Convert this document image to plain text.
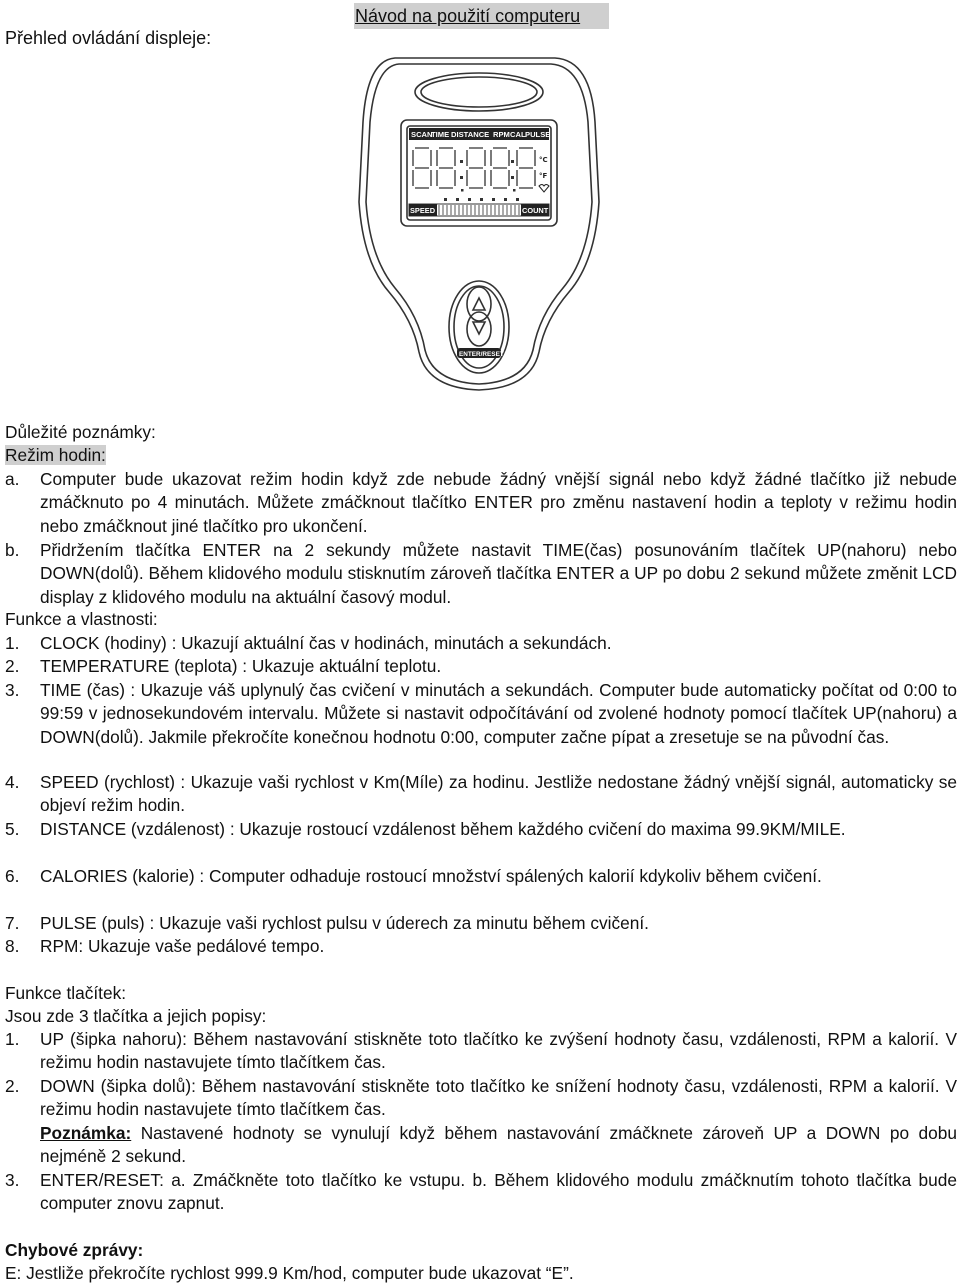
Návod na použití computeru
Přehled ovládání displeje:
SCAN
TIME DISTANCE RPM CAL PULSE
°C
°F
SPEED	COUNT
ENTER/RESET
Důležité poznámky:
Režim hodin:
a.	Computer bude ukazovat režim hodin když zde nebude žádný vnější signál nebo když žádné tlačítko již nebude zmáčknuto po 4 minutách. Můžete zmáčknout tlačítko ENTER pro změnu nastavení hodin a teploty v režimu hodin nebo zmáčknout jiné tlačítko pro ukončení.
b.	Přidržením tlačítka ENTER na 2 sekundy můžete nastavit TIME(čas) posunováním tlačítek UP(nahoru) nebo DOWN(dolů). Během klidového modulu stisknutím zároveň tlačítka ENTER a UP po dobu 2 sekund můžete změnit LCD display z klidového modulu na aktuální časový modul.
Funkce a vlastnosti:
1.	CLOCK (hodiny) : Ukazují aktuální čas v hodinách, minutách a sekundách.
2.	TEMPERATURE (teplota) : Ukazuje aktuální teplotu.
3.	TIME (čas) : Ukazuje váš uplynulý čas cvičení v minutách a sekundách. Computer bude automaticky počítat od 0:00 to 99:59 v jednosekundovém intervalu. Můžete si nastavit odpočítávání od zvolené hodnoty pomocí tlačítek UP(nahoru) a DOWN(dolů). Jakmile překročíte konečnou hodnotu 0:00, computer začne pípat a zresetuje se na původní čas.
4.	SPEED (rychlost) : Ukazuje vaši rychlost v Km(Míle) za hodinu. Jestliže nedostane žádný vnější signál, automaticky se objeví režim hodin.
5.	DISTANCE (vzdálenost) : Ukazuje rostoucí vzdálenost během každého cvičení do maxima 99.9KM/MILE.
6.	CALORIES (kalorie) : Computer odhaduje rostoucí množství spálených kalorií kdykoliv během cvičení.
7.	PULSE (puls) : Ukazuje vaši rychlost pulsu v úderech za minutu během cvičení.
8.	RPM: Ukazuje vaše pedálové tempo.
Funkce tlačítek:
Jsou zde 3 tlačítka a jejich popisy:
1.	UP (šipka nahoru): Během nastavování stiskněte toto tlačítko ke zvýšení hodnoty času, vzdálenosti, RPM a kalorií. V režimu hodin nastavujete tímto tlačítkem čas.
2.	DOWN (šipka dolů): Během nastavování stiskněte toto tlačítko ke snížení hodnoty času, vzdálenosti, RPM a kalorií. V režimu hodin nastavujete tímto tlačítkem čas.
Poznámka: Nastavené hodnoty se vynulují když během nastavování zmáčknete zároveň UP a DOWN po dobu nejméně 2 sekund.
3.	ENTER/RESET: a. Zmáčkněte toto tlačítko ke vstupu. b. Během klidového modulu zmáčknutím tohoto tlačítka bude computer znovu zapnut.
Chybové zprávy:
E: Jestliže překročíte rychlost 999.9 Km/hod, computer bude ukazovat “E”.
